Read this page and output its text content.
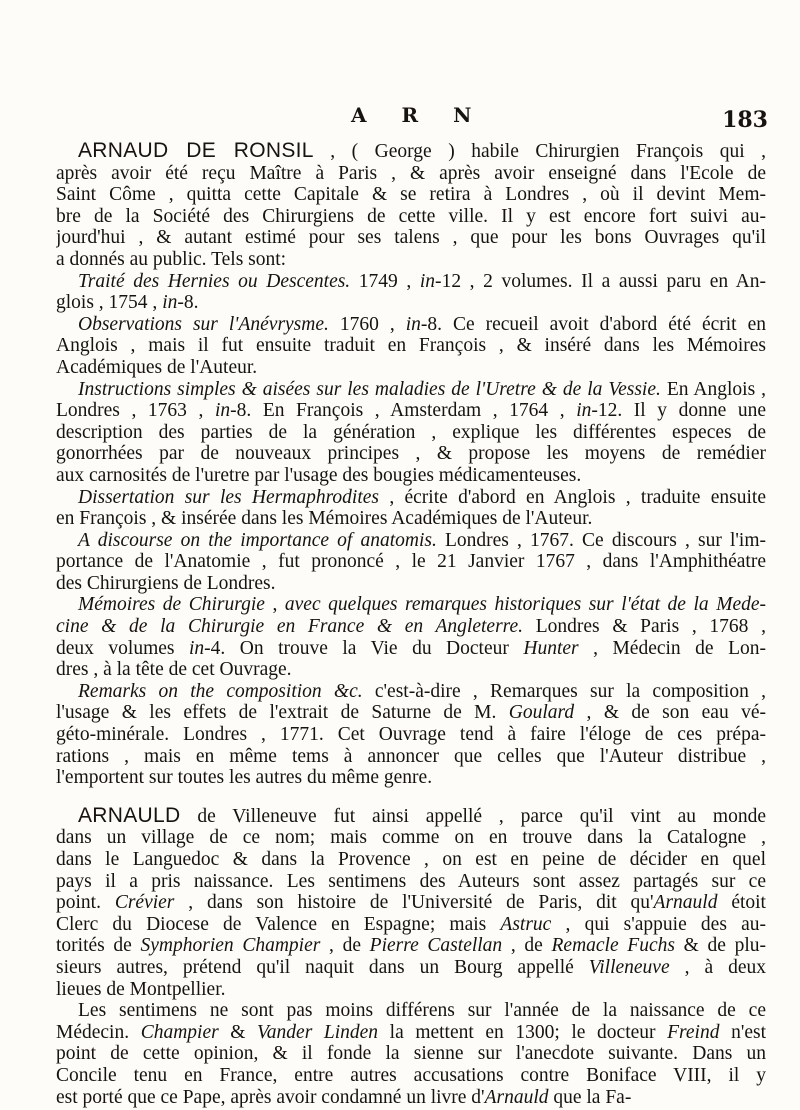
A R N	183
ARNAUD DE RONSIL , ( George ) habile Chirurgien François qui ,
après avoir été reçu Maître à Paris , & après avoir enseigné dans l'Ecole de
Saint Côme , quitta cette Capitale & se retira à Londres , où il devint Mem-
bre de la Société des Chirurgiens de cette ville. Il y est encore fort suivi au-
jourd'hui , & autant estimé pour ses talens , que pour les bons Ouvrages qu'il
a donnés au public. Tels sont:
Traité des Hernies ou Descentes. 1749 , in-12 , 2 volumes. Il a aussi paru en An-
glois , 1754 , in-8.
Observations sur l'Anévrysme. 1760 , in-8. Ce recueil avoit d'abord été écrit en
Anglois , mais il fut ensuite traduit en François , & inséré dans les Mémoires
Académiques de l'Auteur.
Instructions simples & aisées sur les maladies de l'Uretre & de la Vessie. En Anglois ,
Londres , 1763 , in-8. En François , Amsterdam , 1764 , in-12. Il y donne une
description des parties de la génération , explique les différentes especes de
gonorrhées par de nouveaux principes , & propose les moyens de remédier
aux carnosités de l'uretre par l'usage des bougies médicamenteuses.
Dissertation sur les Hermaphrodites , écrite d'abord en Anglois , traduite ensuite
en François , & insérée dans les Mémoires Académiques de l'Auteur.
A discourse on the importance of anatomis. Londres , 1767. Ce discours , sur l'im-
portance de l'Anatomie , fut prononcé , le 21 Janvier 1767 , dans l'Amphithéatre
des Chirurgiens de Londres.
Mémoires de Chirurgie , avec quelques remarques historiques sur l'état de la Mede-
cine & de la Chirurgie en France & en Angleterre. Londres & Paris , 1768 ,
deux volumes in-4. On trouve la Vie du Docteur Hunter , Médecin de Lon-
dres , à la tête de cet Ouvrage.
Remarks on the composition &c. c'est-à-dire , Remarques sur la composition ,
l'usage & les effets de l'extrait de Saturne de M. Goulard , & de son eau vé-
géto-minérale. Londres , 1771. Cet Ouvrage tend à faire l'éloge de ces prépa-
rations , mais en même tems à annoncer que celles que l'Auteur distribue ,
l'emportent sur toutes les autres du même genre.
ARNAULD de Villeneuve fut ainsi appellé , parce qu'il vint au monde
dans un village de ce nom; mais comme on en trouve dans la Catalogne ,
dans le Languedoc & dans la Provence , on est en peine de décider en quel
pays il a pris naissance. Les sentimens des Auteurs sont assez partagés sur ce
point. Crévier , dans son histoire de l'Université de Paris, dit qu'Arnauld étoit
Clerc du Diocese de Valence en Espagne; mais Astruc , qui s'appuie des au-
torités de Symphorien Champier , de Pierre Castellan , de Remacle Fuchs & de plu-
sieurs autres, prétend qu'il naquit dans un Bourg appellé Villeneuve , à deux
lieues de Montpellier.
Les sentimens ne sont pas moins différens sur l'année de la naissance de ce
Médecin. Champier & Vander Linden la mettent en 1300; le docteur Freind n'est
point de cette opinion, & il fonde la sienne sur l'anecdote suivante. Dans un
Concile tenu en France, entre autres accusations contre Boniface VIII, il y
est porté que ce Pape, après avoir condamné un livre d'Arnauld que la Fa-
